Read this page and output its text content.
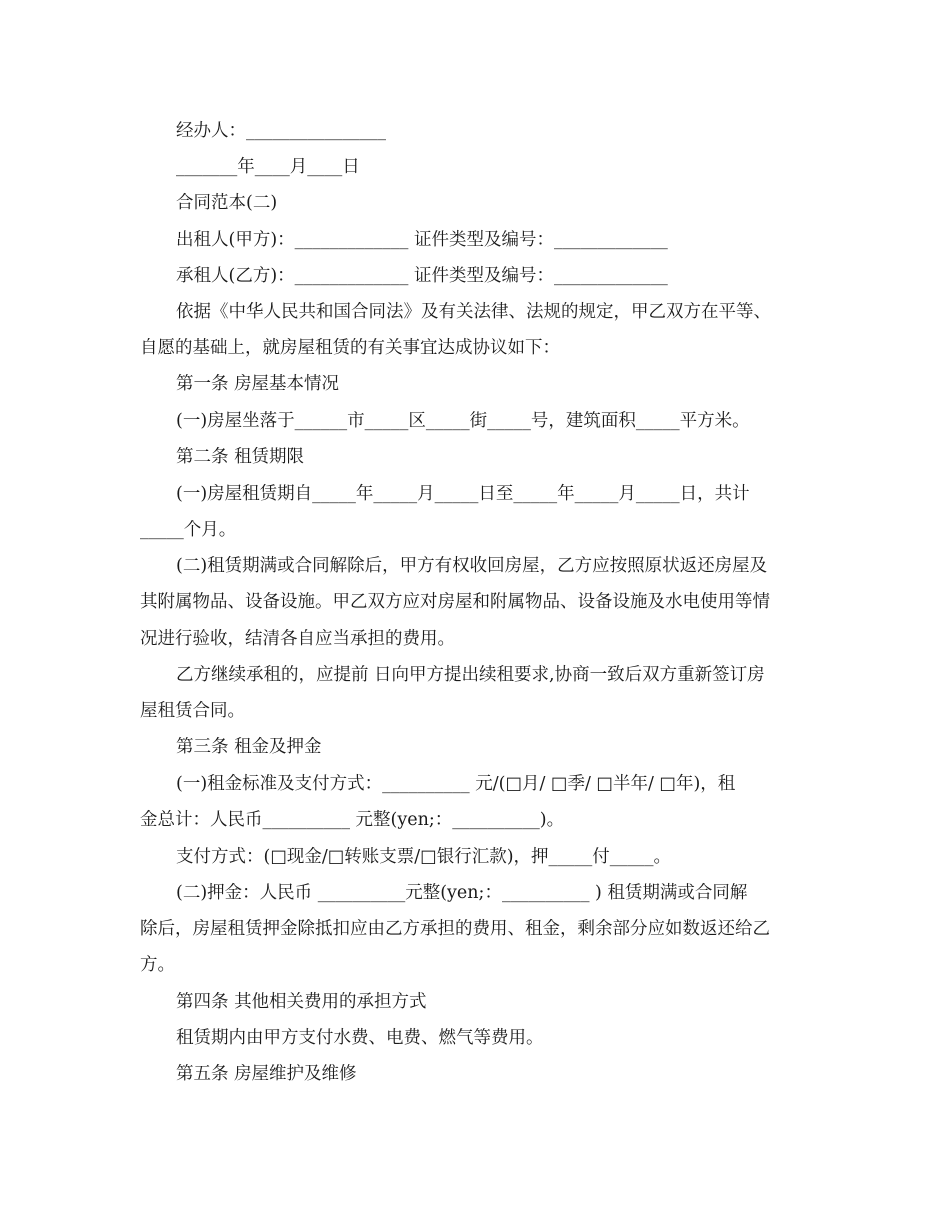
经办人：________________
_______年____月____日
合同范本(二)
出租人(甲方)：_____________ 证件类型及编号：_____________
承租人(乙方)：_____________ 证件类型及编号：_____________
依据《中华人民共和国合同法》及有关法律、法规的规定，甲乙双方在平等、
自愿的基础上，就房屋租赁的有关事宜达成协议如下：
第一条 房屋基本情况
(一)房屋坐落于______市_____区_____街_____号，建筑面积_____平方米。
第二条 租赁期限
(一)房屋租赁期自_____年_____月_____日至_____年_____月_____日，共计
_____个月。
(二)租赁期满或合同解除后，甲方有权收回房屋，乙方应按照原状返还房屋及
其附属物品、设备设施。甲乙双方应对房屋和附属物品、设备设施及水电使用等情
况进行验收，结清各自应当承担的费用。
乙方继续承租的，应提前 日向甲方提出续租要求,协商一致后双方重新签订房
屋租赁合同。
第三条 租金及押金
(一)租金标准及支付方式：__________ 元/(□月/ □季/ □半年/ □年)，租
金总计：人民币__________ 元整(yen;：__________)。
支付方式：(□现金/□转账支票/□银行汇款)，押_____付_____。
(二)押金：人民币 __________元整(yen;：__________ ) 租赁期满或合同解
除后，房屋租赁押金除抵扣应由乙方承担的费用、租金，剩余部分应如数返还给乙
方。
第四条 其他相关费用的承担方式
租赁期内由甲方支付水费、电费、燃气等费用。
第五条 房屋维护及维修
